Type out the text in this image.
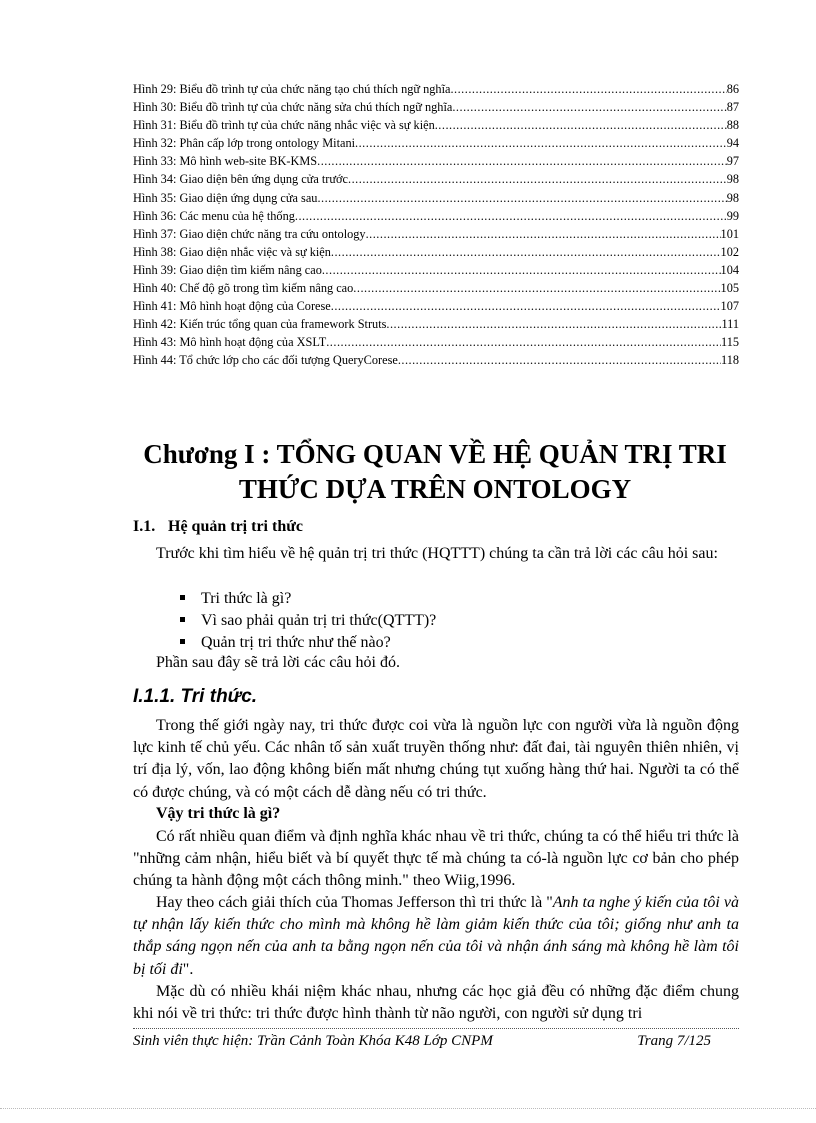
Hình 29: Biểu đồ trình tự của chức năng tạo chú thích ngữ nghĩa .....	86
Hình 30: Biểu đồ trình tự của chức năng sửa chú thích ngữ nghĩa .....	87
Hình 31: Biểu đồ trình tự của chức năng nhắc việc và sự kiện .....	88
Hình 32: Phân cấp lớp trong ontology Mitani .....	94
Hình 33: Mô hình web-site BK-KMS .....	97
Hình 34: Giao diện bên ứng dụng cửa trước .....	98
Hình 35: Giao diện ứng dụng cửa sau .....	98
Hình 36: Các menu của hệ thống .....	99
Hình 37: Giao diện chức năng tra cứu ontology .....	101
Hình 38: Giao diện nhắc việc và sự kiện .....	102
Hình 39: Giao diện tìm kiếm nâng cao .....	104
Hình 40: Chế độ gõ trong tìm kiếm nâng cao .....	105
Hình 41: Mô hình hoạt động của Corese .....	107
Hình 42: Kiến trúc tổng quan của framework Struts .....	111
Hình 43: Mô hình hoạt động của XSLT .....	115
Hình 44: Tổ chức lớp cho các đối tượng QueryCorese .....	118
Chương I : TỔNG QUAN VỀ HỆ QUẢN TRỊ TRI
THỨC DỰA TRÊN ONTOLOGY
I.1. Hệ quản trị tri thức
Trước khi tìm hiểu về hệ quản trị tri thức (HQTTT) chúng ta cần trả lời các câu hỏi sau:
Tri thức là gì?
Vì sao phải quản trị tri thức(QTTT)?
Quản trị tri thức như thế nào?
Phần sau đây sẽ trả lời các câu hỏi đó.
I.1.1. Tri thức.
Trong thế giới ngày nay, tri thức được coi vừa là nguồn lực con người vừa là nguồn động lực kinh tế chủ yếu. Các nhân tố sản xuất truyền thống như: đất đai, tài nguyên thiên nhiên, vị trí địa lý, vốn, lao động không biến mất nhưng chúng tụt xuống hàng thứ hai. Người ta có thể có được chúng, và có một cách dễ dàng nếu có tri thức.
Vậy tri thức là gì?
Có rất nhiều quan điểm và định nghĩa khác nhau về tri thức, chúng ta có thể hiểu tri thức là "những cảm nhận, hiểu biết và bí quyết thực tế mà chúng ta có-là nguồn lực cơ bản cho phép chúng ta hành động một cách thông minh." theo Wiig,1996.
Hay theo cách giải thích của Thomas Jefferson thì tri thức là "Anh ta nghe ý kiến của tôi và tự nhận lấy kiến thức cho mình mà không hề làm giảm kiến thức của tôi; giống như anh ta thắp sáng ngọn nến của anh ta bằng ngọn nến của tôi và nhận ánh sáng mà không hề làm tôi bị tối đi".
Mặc dù có nhiều khái niệm khác nhau, nhưng các học giả đều có những đặc điểm chung khi nói về tri thức: tri thức được hình thành từ não người, con người sử dụng tri
Sinh viên thực hiện: Trần Cảnh Toàn Khóa K48 Lớp CNPM	Trang 7/125
